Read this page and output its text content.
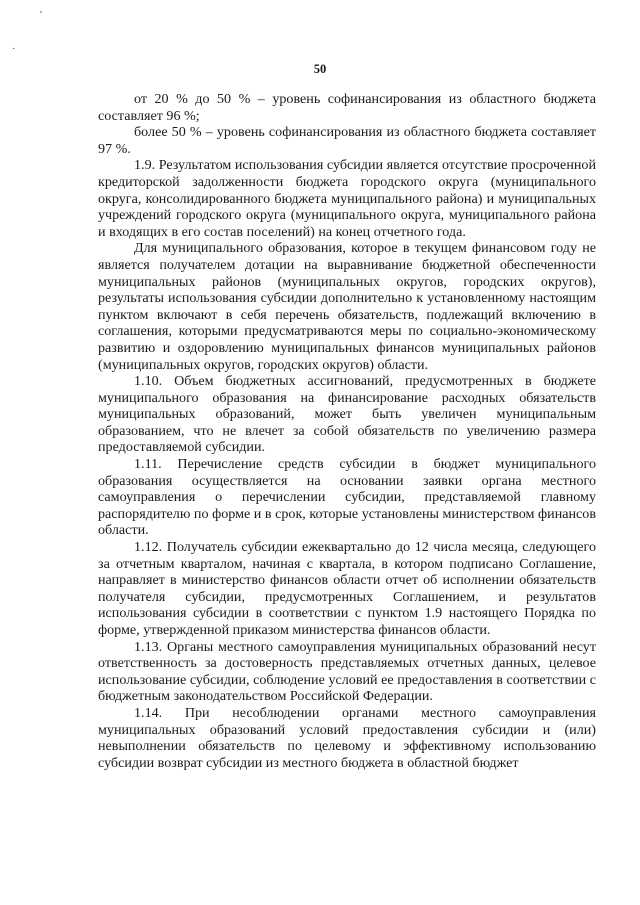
′
·
50

от 20 % до 50 % – уровень софинансирования из областного бюджета составляет 96 %;

более 50 % – уровень софинансирования из областного бюджета составляет 97 %.

1.9. Результатом использования субсидии является отсутствие просроченной кредиторской задолженности бюджета городского округа (муниципального округа, консолидированного бюджета муниципального района) и муниципальных учреждений городского округа (муниципального округа, муниципального района и входящих в его состав поселений) на конец отчетного года.

Для муниципального образования, которое в текущем финансовом году не является получателем дотации на выравнивание бюджетной обеспеченности муниципальных районов (муниципальных округов, городских округов), результаты использования субсидии дополнительно к установленному настоящим пунктом включают в себя перечень обязательств, подлежащий включению в соглашения, которыми предусматриваются меры по социально-экономическому развитию и оздоровлению муниципальных финансов муниципальных районов (муниципальных округов, городских округов) области.

1.10. Объем бюджетных ассигнований, предусмотренных в бюджете муниципального образования на финансирование расходных обязательств муниципальных образований, может быть увеличен муниципальным образованием, что не влечет за собой обязательств по увеличению размера предоставляемой субсидии.

1.11. Перечисление средств субсидии в бюджет муниципального образования осуществляется на основании заявки органа местного самоуправления о перечислении субсидии, представляемой главному распорядителю по форме и в срок, которые установлены министерством финансов области.

1.12. Получатель субсидии ежеквартально до 12 числа месяца, следующего за отчетным кварталом, начиная с квартала, в котором подписано Соглашение, направляет в министерство финансов области отчет об исполнении обязательств получателя субсидии, предусмотренных Соглашением, и результатов использования субсидии в соответствии с пунктом 1.9 настоящего Порядка по форме, утвержденной приказом министерства финансов области.

1.13. Органы местного самоуправления муниципальных образований несут ответственность за достоверность представляемых отчетных данных, целевое использование субсидии, соблюдение условий ее предоставления в соответствии с бюджетным законодательством Российской Федерации.

1.14. При несоблюдении органами местного самоуправления муниципальных образований условий предоставления субсидии и (или) невыполнении обязательств по целевому и эффективному использованию субсидии возврат субсидии из местного бюджета в областной бюджет
